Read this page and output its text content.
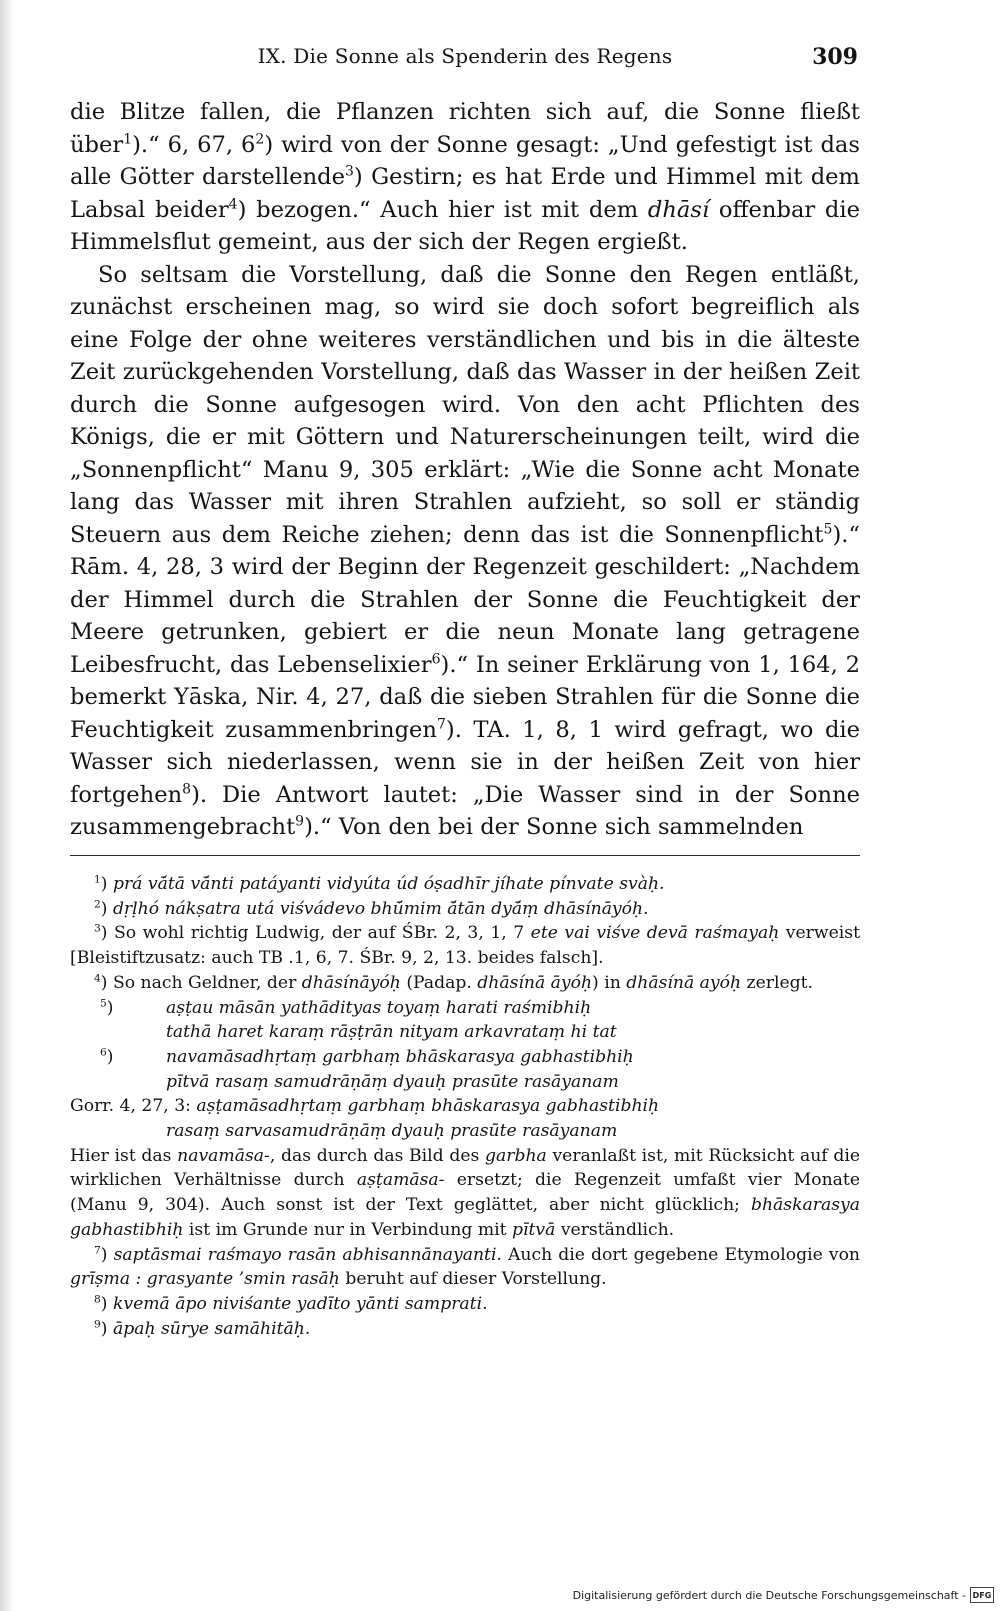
IX. Die Sonne als Spenderin des Regens	309

die Blitze fallen, die Pflanzen richten sich auf, die Sonne fließt über$^1$).“ 6, 67, $6^2$) wird von der Sonne gesagt: „Und gefestigt ist das alle Götter darstellende$^3$) Gestirn; es hat Erde und Himmel mit dem Labsal beider$^4$) bezogen.“ Auch hier ist mit dem dhāsí offenbar die Himmelsflut gemeint, aus der sich der Regen ergießt.

So seltsam die Vorstellung, daß die Sonne den Regen entläßt, zunächst erscheinen mag, so wird sie doch sofort begreiflich als eine Folge der ohne weiteres verständlichen und bis in die älteste Zeit zurückgehenden Vorstellung, daß das Wasser in der heißen Zeit durch die Sonne aufgesogen wird. Von den acht Pflichten des Königs, die er mit Göttern und Naturerscheinungen teilt, wird die „Sonnenpflicht“ Manu 9, 305 erklärt: „Wie die Sonne acht Monate lang das Wasser mit ihren Strahlen aufzieht, so soll er ständig Steuern aus dem Reiche ziehen; denn das ist die Sonnenpflicht$^5$).“ Rām. 4, 28, 3 wird der Beginn der Regenzeit geschildert: „Nachdem der Himmel durch die Strahlen der Sonne die Feuchtigkeit der Meere getrunken, gebiert er die neun Monate lang getragene Leibesfrucht, das Lebenselixier$^6$).“ In seiner Erklärung von 1, 164, 2 bemerkt Yāska, Nir. 4, 27, daß die sieben Strahlen für die Sonne die Feuchtigkeit zusammenbringen$^7$). TA. 1, 8, 1 wird gefragt, wo die Wasser sich niederlassen, wenn sie in der heißen Zeit von hier fortgehen$^8$). Die Antwort lautet: „Die Wasser sind in der Sonne zusammengebracht$^9$).“ Von den bei der Sonne sich sammelnden

$^1$) prá vā́tā vā́nti patáyanti vidyúta úd óṣadhīr jíhate pínvate svàḥ.

$^2$) dṛḷhó nákṣatra utá viśvádevo bhū́mim ā́tān dyā́ṃ dhāsínāyóḥ.

$^3$) So wohl richtig Ludwig, der auf ŚBr. 2, 3, 1, 7 ete vai viśve devā raśmayaḥ verweist [Bleistiftzusatz: auch TB .1, 6, 7. ŚBr. 9, 2, 13. beides falsch].

$^4$) So nach Geldner, der dhāsínāyóḥ (Padap. dhāsínā āyóḥ) in dhāsínā ayóḥ zerlegt.

$^5$)	aṣṭau māsān yathādityas toyaṃ harati raśmibhiḥ

tathā haret karaṃ rāṣṭrān nityam arkavrataṃ hi tat

$^6$)	navamāsadhṛtaṃ garbhaṃ bhāskarasya gabhastibhiḥ

pītvā rasaṃ samudrāṇāṃ dyauḥ prasūte rasāyanam

Gorr. 4, 27, 3: aṣṭamāsadhṛtaṃ garbhaṃ bhāskarasya gabhastibhiḥ

rasaṃ sarvasamudrāṇāṃ dyauḥ prasūte rasāyanam

Hier ist das navamāsa-, das durch das Bild des garbha veranlaßt ist, mit Rücksicht auf die wirklichen Verhältnisse durch aṣṭamāsa- ersetzt; die Regenzeit umfaßt vier Monate (Manu 9, 304). Auch sonst ist der Text geglättet, aber nicht glücklich; bhāskarasya gabhastibhiḥ ist im Grunde nur in Verbindung mit pītvā verständlich.

$^7$) saptāsmai raśmayo rasān abhisannānayanti. Auch die dort gegebene Etymologie von grīṣma : grasyante ’smin rasāḥ beruht auf dieser Vorstellung.

$^8$) kvemā āpo niviśante yadīto yānti samprati.

$^9$) āpaḥ sūrye samāhitāḥ.

Digitalisierung gefördert durch die Deutsche Forschungsgemeinschaft - DFG
